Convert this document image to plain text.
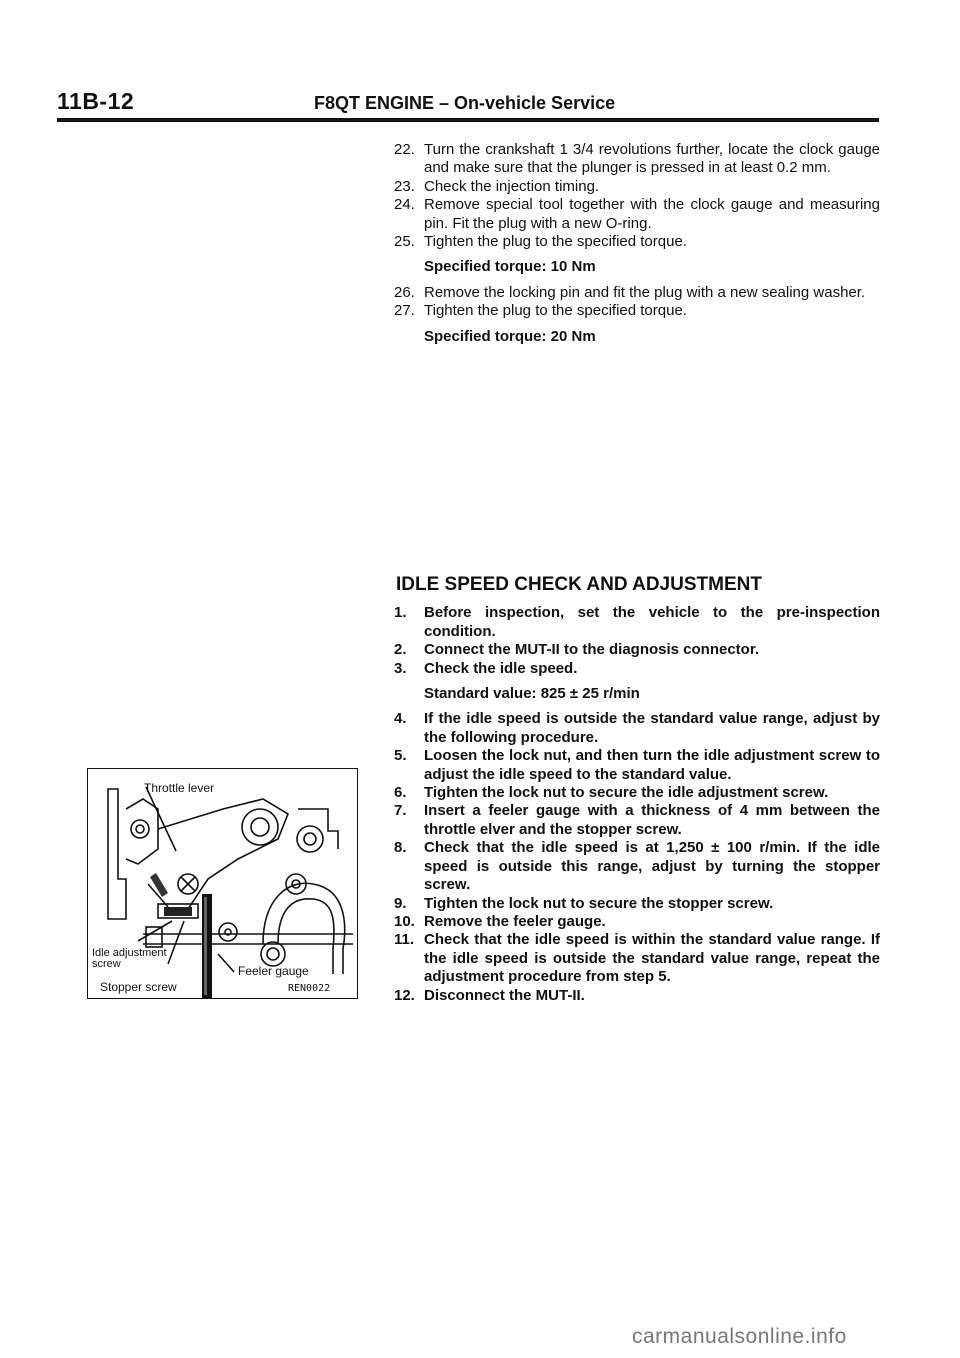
11B-12	F8QT ENGINE – On-vehicle Service
22. Turn the crankshaft 1 3/4 revolutions further, locate the clock gauge and make sure that the plunger is pressed in at least 0.2 mm.
23. Check the injection timing.
24. Remove special tool together with the clock gauge and measuring pin. Fit the plug with a new O-ring.
25. Tighten the plug to the specified torque.
Specified torque: 10 Nm
26. Remove the locking pin and fit the plug with a new sealing washer.
27. Tighten the plug to the specified torque.
Specified torque: 20 Nm
IDLE SPEED CHECK AND ADJUSTMENT
1.	Before inspection, set the vehicle to the pre-inspection condition.
2.	Connect the MUT-II to the diagnosis connector.
3.	Check the idle speed.
Standard value: 825 ± 25 r/min
4.	If the idle speed is outside the standard value range, adjust by the following procedure.
5.	Loosen the lock nut, and then turn the idle adjustment screw to adjust the idle speed to the standard value.
6.	Tighten the lock nut to secure the idle adjustment screw.
7.	Insert a feeler gauge with a thickness of 4 mm between the throttle elver and the stopper screw.
8.	Check that the idle speed is at 1,250 ± 100 r/min. If the idle speed is outside this range, adjust by turning the stopper screw.
9.	Tighten the lock nut to secure the stopper screw.
10. Remove the feeler gauge.
11. Check that the idle speed is within the standard value range. If the idle speed is outside the standard value range, repeat the adjustment procedure from step 5.
12. Disconnect the MUT-II.
Throttle lever
Idle adjustment
screw	Feeler gauge
Stopper screw	REN0022
carmanualsonline.info
